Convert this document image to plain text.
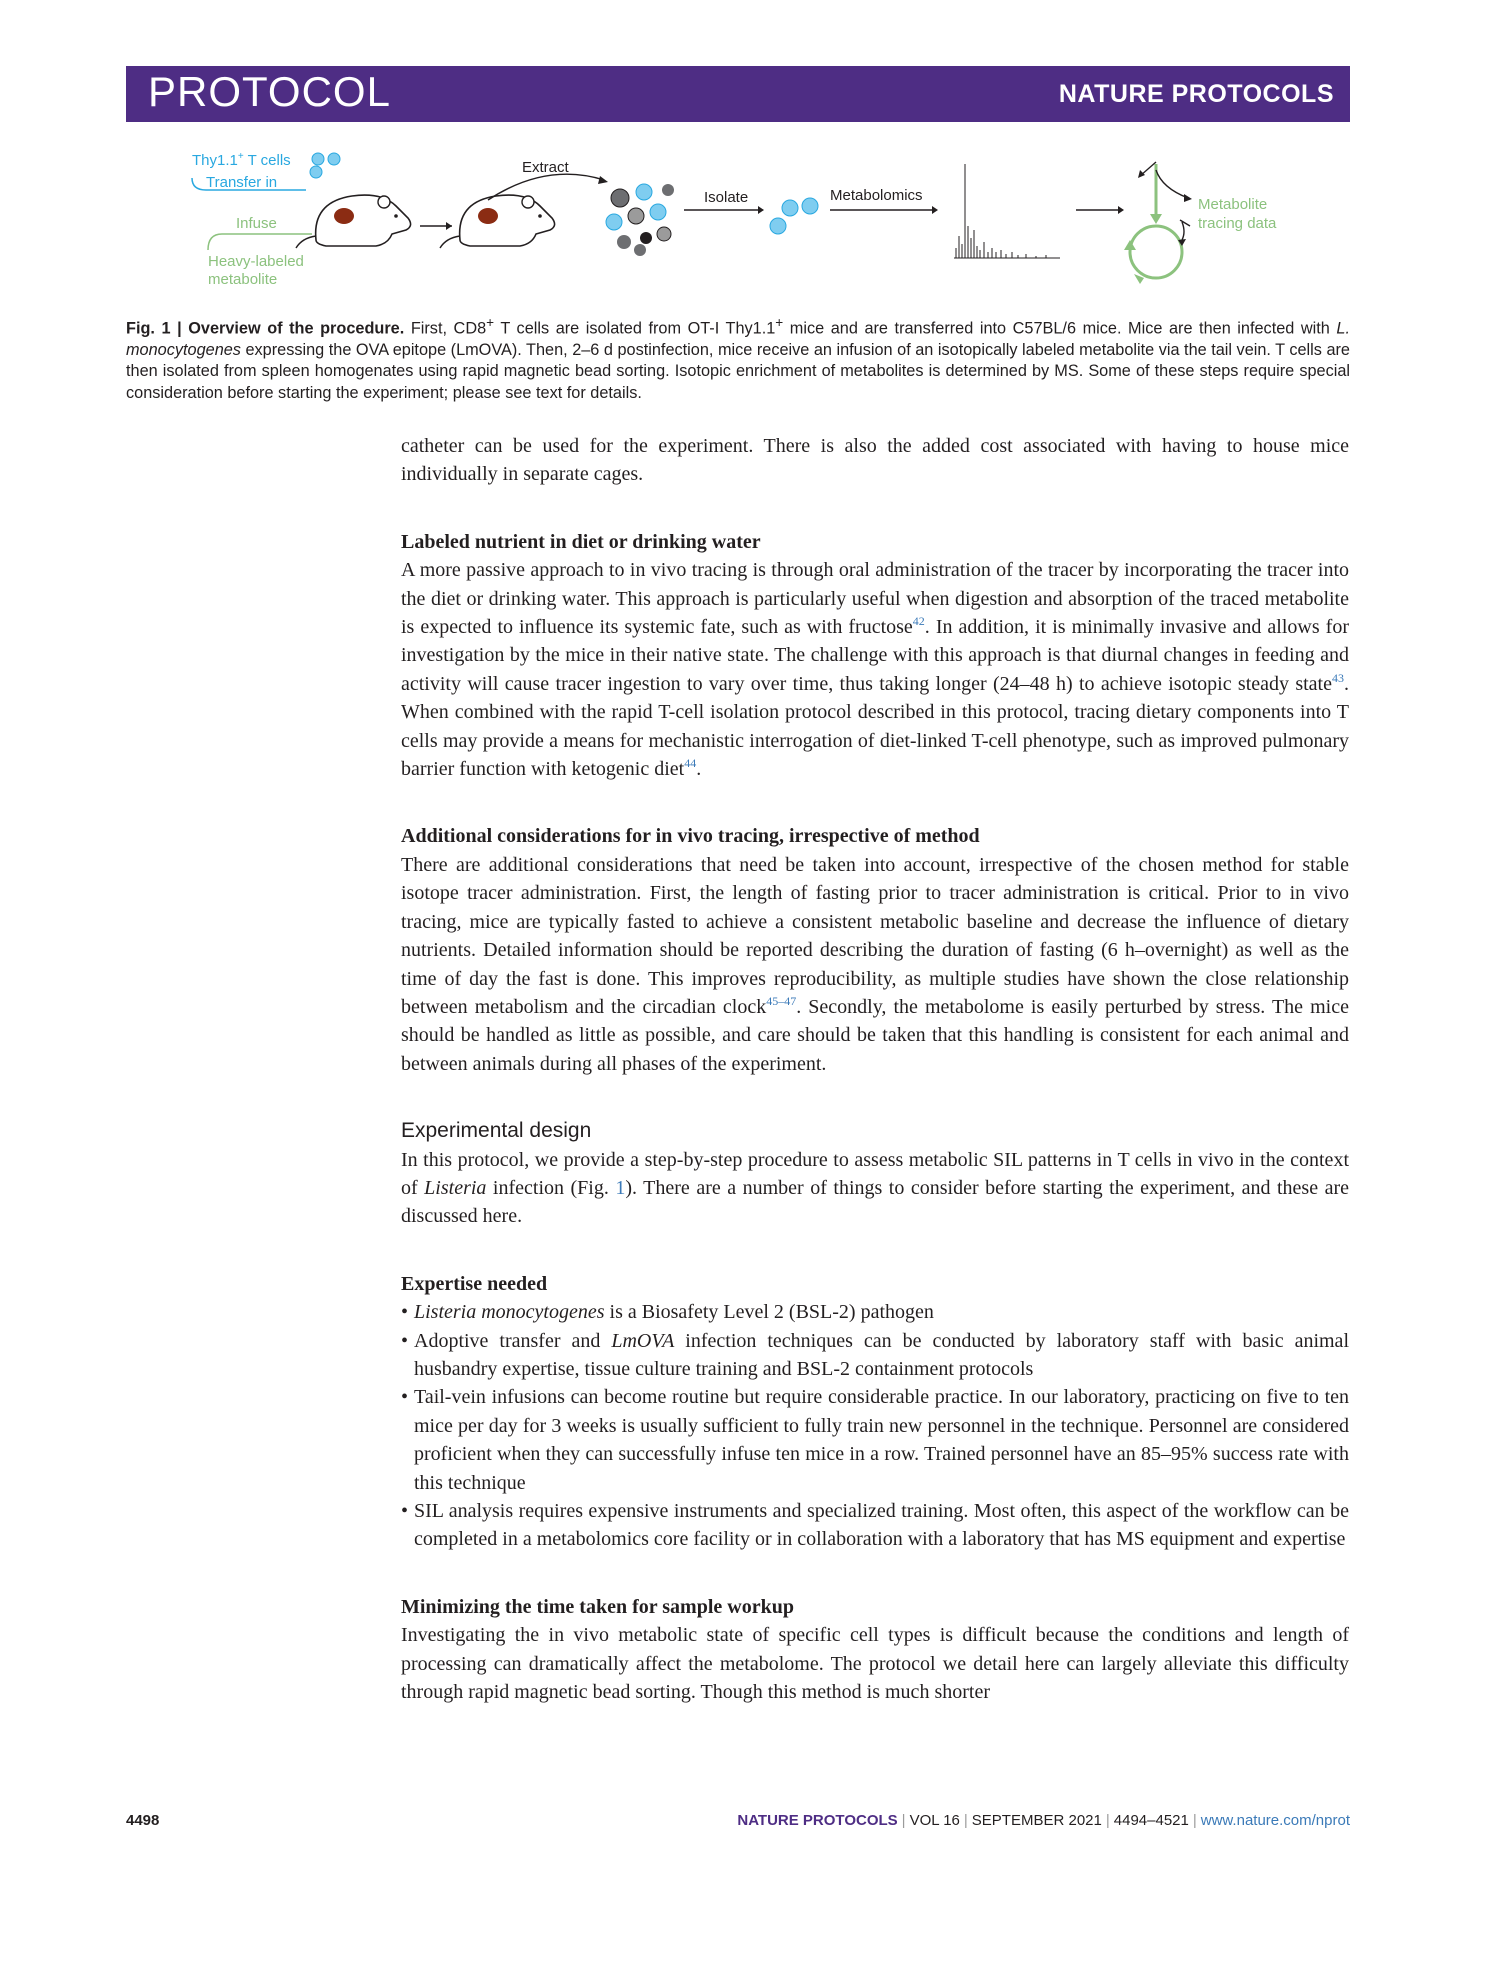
PROTOCOL	NATURE PROTOCOLS
Thy1.1+ T cells
Transfer in
Infuse
Heavy-labeled
metabolite
Extract
Isolate	Metabolomics
Metabolite
tracing data
Fig. 1 | Overview of the procedure. First, CD8+ T cells are isolated from OT-I Thy1.1+ mice and are transferred into C57BL/6 mice. Mice are then infected with L. monocytogenes expressing the OVA epitope (LmOVA). Then, 2–6 d postinfection, mice receive an infusion of an isotopically labeled metabolite via the tail vein. T cells are then isolated from spleen homogenates using rapid magnetic bead sorting. Isotopic enrichment of metabolites is determined by MS. Some of these steps require special consideration before starting the experiment; please see text for details.

catheter can be used for the experiment. There is also the added cost associated with having to house mice individually in separate cages.

Labeled nutrient in diet or drinking water

A more passive approach to in vivo tracing is through oral administration of the tracer by incorporating the tracer into the diet or drinking water. This approach is particularly useful when digestion and absorption of the traced metabolite is expected to influence its systemic fate, such as with fructose$^{42}$. In addition, it is minimally invasive and allows for investigation by the mice in their native state. The challenge with this approach is that diurnal changes in feeding and activity will cause tracer ingestion to vary over time, thus taking longer (24–48 h) to achieve isotopic steady state$^{43}$. When combined with the rapid T-cell isolation protocol described in this protocol, tracing dietary components into T cells may provide a means for mechanistic interrogation of diet-linked T-cell phenotype, such as improved pulmonary barrier function with ketogenic diet$^{44}$.

Additional considerations for in vivo tracing, irrespective of method

There are additional considerations that need be taken into account, irrespective of the chosen method for stable isotope tracer administration. First, the length of fasting prior to tracer administration is critical. Prior to in vivo tracing, mice are typically fasted to achieve a consistent metabolic baseline and decrease the influence of dietary nutrients. Detailed information should be reported describing the duration of fasting (6 h–overnight) as well as the time of day the fast is done. This improves reproducibility, as multiple studies have shown the close relationship between metabolism and the circadian clock$^{45-47}$. Secondly, the metabolome is easily perturbed by stress. The mice should be handled as little as possible, and care should be taken that this handling is consistent for each animal and between animals during all phases of the experiment.

Experimental design

In this protocol, we provide a step-by-step procedure to assess metabolic SIL patterns in T cells in vivo in the context of Listeria infection (Fig. 1). There are a number of things to consider before starting the experiment, and these are discussed here.

Expertise needed
• Listeria monocytogenes is a Biosafety Level 2 (BSL-2) pathogen
• Adoptive transfer and LmOVA infection techniques can be conducted by laboratory staff with basic animal husbandry expertise, tissue culture training and BSL-2 containment protocols
• Tail-vein infusions can become routine but require considerable practice. In our laboratory, practicing on five to ten mice per day for 3 weeks is usually sufficient to fully train new personnel in the technique. Personnel are considered proficient when they can successfully infuse ten mice in a row. Trained personnel have an 85–95% success rate with this technique
• SIL analysis requires expensive instruments and specialized training. Most often, this aspect of the workflow can be completed in a metabolomics core facility or in collaboration with a laboratory that has MS equipment and expertise
Minimizing the time taken for sample workup

Investigating the in vivo metabolic state of specific cell types is difficult because the conditions and length of processing can dramatically affect the metabolome. The protocol we detail here can largely alleviate this difficulty through rapid magnetic bead sorting. Though this method is much shorter

4498	NATURE PROTOCOLS | VOL 16 | SEPTEMBER 2021 | 4494–4521 | www.nature.com/nprot
